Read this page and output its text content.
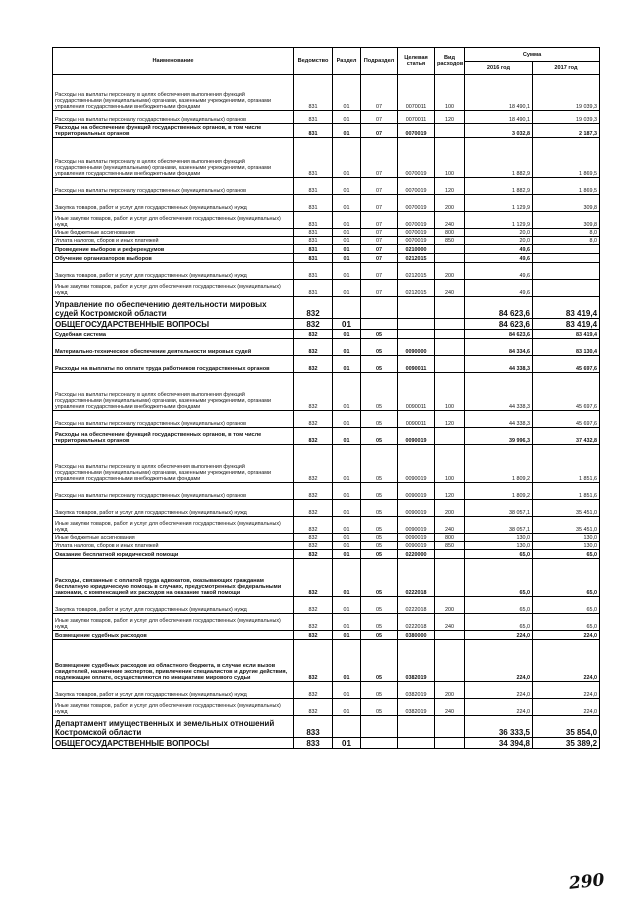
Наименование	Ведомство	Раздел	Подраздел	Целевая статья	Вид расходов	Сумма	
						2016 год	2017 год
Расходы на выплаты персоналу в целях обеспечения выполнения функций государственными (муниципальными) органами, казенными учреждениями, органами управления государственными внебюджетными фондами	831	01	07	0070011	100	18 490,1	19 039,3
Расходы на выплаты персоналу государственных (муниципальных) органов	831	01	07	0070011	120	18 490,1	19 039,3
Расходы на обеспечение функций государственных органов, в том числе территориальных органов	831	01	07	0070019		3 032,8	2 187,3
Расходы на выплаты персоналу в целях обеспечения выполнения функций государственными (муниципальными) органами, казенными учреждениями, органами управления государственными внебюджетными фондами	831	01	07	0070019	100	1 882,9	1 869,5
Расходы на выплаты персоналу государственных (муниципальных) органов	831	01	07	0070019	120	1 882,9	1 869,5
Закупка товаров, работ и услуг для государственных (муниципальных) нужд	831	01	07	0070019	200	1 129,9	309,8
Иные закупки товаров, работ и услуг для обеспечения государственных (муниципальных) нужд	831	01	07	0070019	240	1 129,9	309,8
Иные бюджетные ассигнования	831	01	07	0070019	800	20,0	8,0
Уплата налогов, сборов и иных платежей	831	01	07	0070019	850	20,0	8,0
Проведение выборов и референдумов	831	01	07	0210000		49,6	
Обучение организаторов выборов	831	01	07	0212015		49,6	
Закупка товаров, работ и услуг для государственных (муниципальных) нужд	831	01	07	0212015	200	49,6	
Иные закупки товаров, работ и услуг для обеспечения государственных (муниципальных) нужд	831	01	07	0212015	240	49,6	
Управление по обеспечению деятельности мировых судей Костромской области	832					84 623,6	83 419,4
ОБЩЕГОСУДАРСТВЕННЫЕ ВОПРОСЫ	832	01				84 623,6	83 419,4
Судебная система	832	01	05			84 623,6	83 419,4
Материально-техническое обеспечение деятельности мировых судей	832	01	05	0090000		84 334,6	83 130,4
Расходы на выплаты по оплате труда работников государственных органов	832	01	05	0090011		44 338,3	45 697,6
Расходы на выплаты персоналу в целях обеспечения выполнения функций государственными (муниципальными) органами, казенными учреждениями, органами управления государственными внебюджетными фондами	832	01	05	0090011	100	44 338,3	45 697,6
Расходы на выплаты персоналу государственных (муниципальных) органов	832	01	05	0090011	120	44 338,3	45 697,6
Расходы на обеспечение функций государственных органов, в том числе территориальных органов	832	01	05	0090019		39 996,3	37 432,8
Расходы на выплаты персоналу в целях обеспечения выполнения функций государственными (муниципальными) органами, казенными учреждениями, органами управления государственными внебюджетными фондами	832	01	05	0090019	100	1 809,2	1 851,6
Расходы на выплаты персоналу государственных (муниципальных) органов	832	01	05	0090019	120	1 809,2	1 851,6
Закупка товаров, работ и услуг для государственных (муниципальных) нужд	832	01	05	0090019	200	38 057,1	35 451,0
Иные закупки товаров, работ и услуг для обеспечения государственных (муниципальных) нужд	832	01	05	0090019	240	38 057,1	35 451,0
Иные бюджетные ассигнования	832	01	05	0090019	800	130,0	130,0
Уплата налогов, сборов и иных платежей	832	01	05	0090019	850	130,0	130,0
Оказание бесплатной юридической помощи	832	01	05	0220000		65,0	65,0
Расходы, связанные с оплатой труда адвокатов, оказывающих гражданам бесплатную юридическую помощь в случаях, предусмотренных федеральными законами, с компенсацией их расходов на оказание такой помощи	832	01	05	0222018		65,0	65,0
Закупка товаров, работ и услуг для государственных (муниципальных) нужд	832	01	05	0222018	200	65,0	65,0
Иные закупки товаров, работ и услуг для обеспечения государственных (муниципальных) нужд	832	01	05	0222018	240	65,0	65,0
Возмещение судебных расходов	832	01	05	0380000		224,0	224,0
Возмещение судебных расходов из областного бюджета, в случае если вызов свидетелей, назначение экспертов, привлечение специалистов и другие действия, подлежащие оплате, осуществляются по инициативе мирового судьи	832	01	05	0382019		224,0	224,0
Закупка товаров, работ и услуг для государственных (муниципальных) нужд	832	01	05	0382019	200	224,0	224,0
Иные закупки товаров, работ и услуг для обеспечения государственных (муниципальных) нужд	832	01	05	0382019	240	224,0	224,0
Департамент имущественных и земельных отношений Костромской области	833					36 333,5	35 854,0
ОБЩЕГОСУДАРСТВЕННЫЕ ВОПРОСЫ	833	01				34 394,8	35 389,2
290
